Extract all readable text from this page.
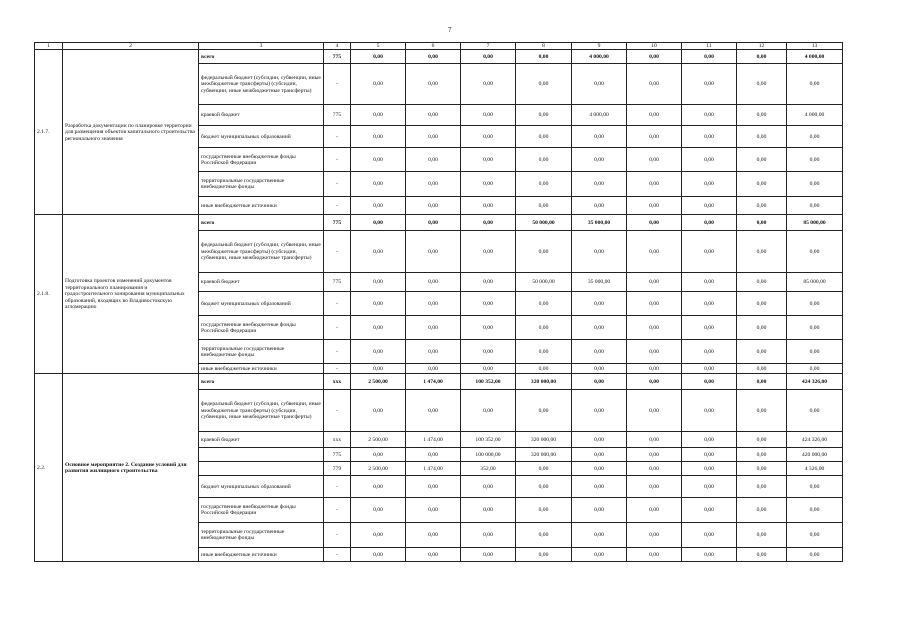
7
1	2	3	4	5	6	7	8	9	10	11	12	13
2.1.7.	Разработка документации по планировке территории для размещения объектов капитального строительства регионального значения	всего	775	0,00	0,00	0,00	0,00	4 000,00	0,00	0,00	0,00	4 000,00
		федеральный бюджет (субсидии, субвенции, иные межбюджетные трансферты) (субсидии, субвенции, иные межбюджетные трансферты)	-	0,00	0,00	0,00	0,00	0,00	0,00	0,00	0,00	0,00
		краевой бюджет	775	0,00	0,00	0,00	0,00	4 000,00	0,00	0,00	0,00	4 000,00
		бюджет муниципальных образований	-	0,00	0,00	0,00	0,00	0,00	0,00	0,00	0,00	0,00
		государственные внебюджетные фонды Российской Федерации	-	0,00	0,00	0,00	0,00	0,00	0,00	0,00	0,00	0,00
		территориальные государственные внебюджетные фонды	-	0,00	0,00	0,00	0,00	0,00	0,00	0,00	0,00	0,00
		иные внебюджетные источники	-	0,00	0,00	0,00	0,00	0,00	0,00	0,00	0,00	0,00
2.1.8.	Подготовка проектов изменений документов территориального планирования и градостроительного зонирования муниципальных образований, входящих во Владивостокскую агломерацию	всего	775	0,00	0,00	0,00	50 000,00	35 000,00	0,00	0,00	0,00	85 000,00
		федеральный бюджет (субсидии, субвенции, иные межбюджетные трансферты) (субсидии, субвенции, иные межбюджетные трансферты)	-	0,00	0,00	0,00	0,00	0,00	0,00	0,00	0,00	0,00
		краевой бюджет	775	0,00	0,00	0,00	50 000,00	35 000,00	0,00	0,00	0,00	85 000,00
		бюджет муниципальных образований	-	0,00	0,00	0,00	0,00	0,00	0,00	0,00	0,00	0,00
		государственные внебюджетные фонды Российской Федерации	-	0,00	0,00	0,00	0,00	0,00	0,00	0,00	0,00	0,00
		территориальные государственные внебюджетные фонды	-	0,00	0,00	0,00	0,00	0,00	0,00	0,00	0,00	0,00
		иные внебюджетные источники	-	0,00	0,00	0,00	0,00	0,00	0,00	0,00	0,00	0,00
2.2.	Основное мероприятие 2. Создание условий для развития жилищного строительства	всего	ххх	2 500,00	1 474,00	100 352,00	320 000,00	0,00	0,00	0,00	0,00	424 326,00
		федеральный бюджет (субсидии, субвенции, иные межбюджетные трансферты) (субсидии, субвенции, иные межбюджетные трансферты)	-	0,00	0,00	0,00	0,00	0,00	0,00	0,00	0,00	0,00
		краевой бюджет	ххх	2 500,00	1 474,00	100 352,00	320 000,00	0,00	0,00	0,00	0,00	424 326,00
			775	0,00	0,00	100 000,00	320 000,00	0,00	0,00	0,00	0,00	420 000,00
			779	2 500,00	1 474,00	352,00	0,00	0,00	0,00	0,00	0,00	4 326,00
		бюджет муниципальных образований	-	0,00	0,00	0,00	0,00	0,00	0,00	0,00	0,00	0,00
		государственные внебюджетные фонды Российской Федерации	-	0,00	0,00	0,00	0,00	0,00	0,00	0,00	0,00	0,00
		территориальные государственные внебюджетные фонды	-	0,00	0,00	0,00	0,00	0,00	0,00	0,00	0,00	0,00
		иные внебюджетные источники	-	0,00	0,00	0,00	0,00	0,00	0,00	0,00	0,00	0,00
